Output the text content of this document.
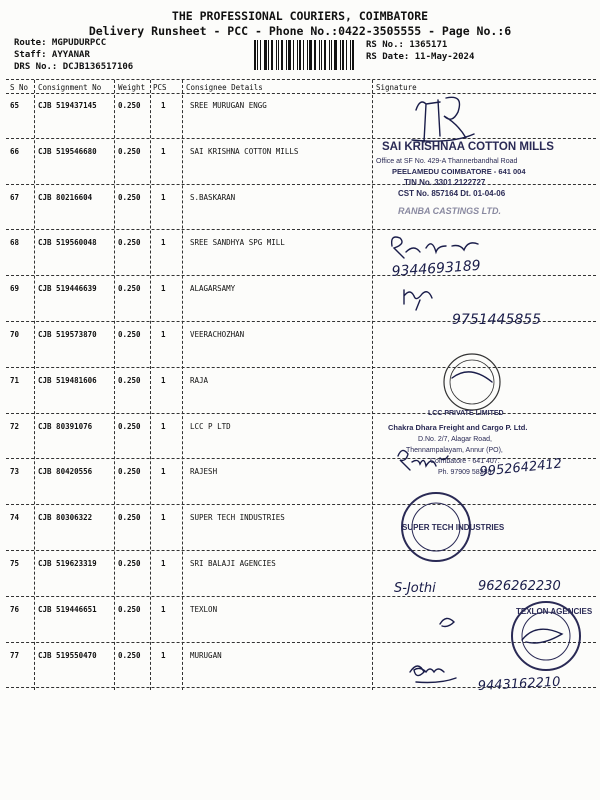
THE PROFESSIONAL COURIERS, COIMBATORE
Delivery Runsheet - PCC - Phone No.:0422-3505555 - Page No.:6
Route: MGPUDURPCC
Staff: AYYANAR
DRS No.: DCJB136517106
RS No.: 1365171
RS Date: 11-May-2024
S No Consignment No Weight PCS	Consignee Details	Signature
65	CJB 519437145	0.250	1	SREE MURUGAN ENGG
66	CJB 519546680	0.250	1	SAI KRISHNA COTTON MILLS
67	CJB 80216604	0.250	1	S.BASKARAN
68	CJB 519560048	0.250	1	SREE SANDHYA SPG MILL
69	CJB 519446639	0.250	1	ALAGARSAMY
70	CJB 519573870	0.250	1	VEERACHOZHAN
71	CJB 519481606	0.250	1	RAJA
72	CJB 80391076	0.250	1	LCC P LTD
73	CJB 80420556	0.250	1	RAJESH
74	CJB 80306322	0.250	1	SUPER TECH INDUSTRIES
75	CJB 519623319	0.250	1	SRI BALAJI AGENCIES
76	CJB 519446651	0.250	1	TEXLON
77	CJB 519550470	0.250	1	MURUGAN
SAI KRISHNAA COTTON MILLS
Office at SF No. 429-A Thannerbandhal Road
PEELAMEDU COIMBATORE - 641 004
TIN No. 3301 2122727
CST No. 857164 Dt. 01-04-06
RANBA CASTINGS LTD.
9344693189
9751445855
LCC PRIVATE LIMITED
Chakra Dhara Freight and Cargo P. Ltd.
D.No. 2/7, Alagar Road,
Thennampalayam, Annur (PO),
Coimbatore - 641 407.
Ph. 97909 58238
9952642412
SUPER TECH INDUSTRIES
S-Jothi	9626262230
TEXLON AGENCIES
9443162210
